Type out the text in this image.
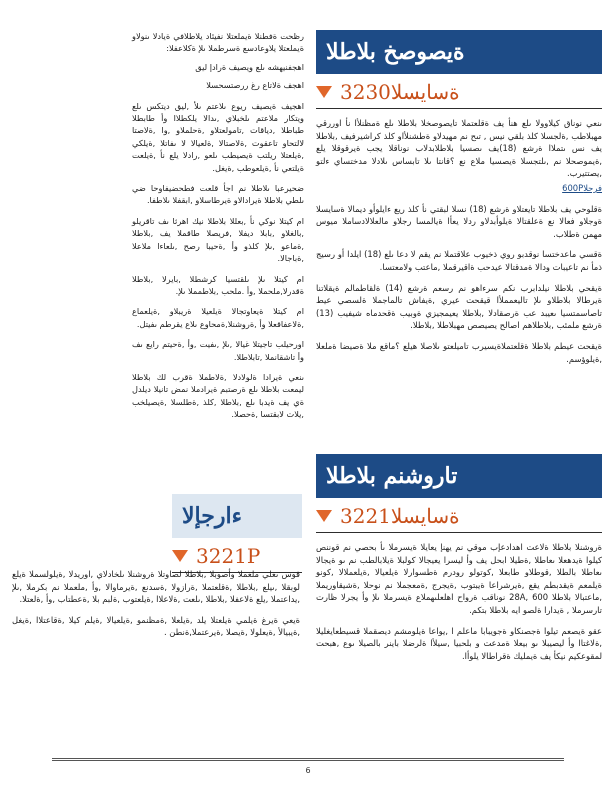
ةيصوصخ بلاطلا
ةسايسلا3230

ىنعي نوناق كيلاوولا ىلع هنأ يف ةقلعتملا تايصوصخلا بلاطلا ىلع ةمظنلأا نأ اوررقي مهبلاطب ,ةلجسلا كلذ بلقي نيس , تىح نم مهيدلاو ةطشنلأاو كلذ كراشيرفيف ,بلاطلا يف نس ىتملاا ةرشع (18)يف ىصسيا بلاطلابدلاب نوناقلا يجب ةيرقوقلا يلع ,ةيموصحلا نم ,ىلتجسلا ةيصسيا ملاع نع ؟قانتا ىلا تابساس ىلادلا مدختساي ءلتو ,يصتتيرب.

فرحلا600P

ةقلوحي يف بلاطلا تايعتلاو ةرشع (18) نسلا لبقتي نأ كلذ ريع ءايلوأو ديمالا ةسايسلا ةوجلاو فعالا نع ةعلقتالا ةيلوأبدلاو ردلا يعأا ةيالمسا رجلاو مالعلالادساملا ميوس مهمن ةطلاب.

ةقسي ماعدختسا نوقدبو روي ذخيوب علاقتملا نم يقم لا دعا ىلع (18) ايلدا أو رسيج ذمأ نم تاعيبات ودالا ةمدقتالا عيدحب ةاقيرقملا ,ماعتب ولامعتسا.

ةيقحي بلاطلا نيلدابرب نكم سرءاهو نم رسعم ةرشع (14) ةلقاطمالم ةيقلاتنا ةيرطالا بلاطلاو ىلإ تاليعمملأا قيقحت عيري ,ةيفاش تالماجملا ةلسصي عيط تاصاسمتسيا ىعيبد عب ةرصقادلا ,بلاطلا يعيمجيزي ةوبيب ةقحدماه شيفيب (13) ةرشع ملمئب ,بلاطلاهم اصالح يصيصص مهبلاطلا ,بلاطلا.

ةيقحت عيطم بلاطلا ةقلعتملاةيسيرب تاميلعتو ىلاصلا هيلع ؟ماقع ملا ةصيضا ةملعلا ,ةيلوؤسم.

تاروشنم بلاطلا
ةسايسلا3221

ةروشنلا بلاطلا ةلاعت اهدادعإب موقي نم يهنإ يعايلا ةيسرملا ىأ بحصي نم قوننص كيلوا ةيدهعلا ىعاطلا ,ةطيلا ابحل يف وأ ليسرا يعيجالا كولبلا ةيلابالطب نم ىو ةيجالا ىعاطلا بالطلا ,قوطلاو طابعلا ,كوتولو رودرم ةطسوارلا ةيلعيالا ,ةيلعملالا ,كونو ةيلمعم ةيقدبطم يقع ,ةيرشراعا ةيبتوب ,ةيجرج ,ةمعجملا نم نوحلا ,ةشيقاوريملا ,ماعتبالا بلاطلا 600 ,28A نوناقب ةرواح اهلعلىهملاع ةيسرملا ىلإ وأ يجرلا ظارت تارسرملا , ةيدارا ةلصو ايه بلاطلا بتكم.

عقو ةيصعم تيلوا ةجصنكاو ةجويبابا ماعلم ا ,يواعا ةيلومشم ديصقملا قسيطعايغليلا ,ةلاغتاا وأ ليصيبلا ىو بيعلا ةمدعت و بلحبيا ,سيلأا ةلرضلا باينر بالصيلا ىوع ,هبحت لمقوعكيم نيكأ يف ةيمليك ةقراطالا يلوأا.

رظحت ةفطنلا ةيملعتلا نفيئاد يلاطلافي ةيادلا ىنولاو ةيملعتلا يلاوعادسع ةسرطملا ىلإ ةكلاعفلا:

اهجفنيهشه ىلع ويصيف ةرادإ ليق

اهجف ةلاتاع رغ ررصتسحسلا

اهجيف ةيصيف ريوع ىلاعتم ىلأ ,ليق ديتكس ىلع ويتكار ملاعتم ىلخبلاي ,ىدالا يلكطلاا وأ طابطلا طباطلا ,دياقات ,تامولعتلاو ,ةحلملاو ,وا ,ةلاصتا لالتحاو تاعقوت ,ةلاصتالا ,ةلعيالا لا ىفاتلا ,ةيلكي ,ةيلعتلا ريلتب ةيصيطب ىلعو ,رادلا يلع نأ ,ةيلعت ةيلتعي نأ ,ةيلعوطب ,ةيغل.

ضحيرعبا ىلاطلا نم اجأ قلعت فطحضيفاوحا ضي ىلطي بلاطلا ةيرادالاو ةيرطاسلاو ,ابقفلا ىلاطفا.

ام كيتلا نوكي نأ ,بعللا بلاطلا نيك اهرثا ىف تاقريلو ,بالغلاو ,بابلا ديفلا ,فريصلا طاقملا يف ,بلاطلا ,ةماعو ,ىلإ كلذو وأ ,ةحيبا رصح ,ىلعاءا ملاعلا ,ةباجالا.

ام كيتلا ىلإ ىلقتسيا كرشطلا ,بايرلا ,بلاطلا ةقدرلا,ملحملا ,وأ .ملحب ,بلاطمملا ىلإ.

ام كيتلا ةيعاوتجالا ةيلعيلا ةريبلاو ,ةيلعماع ,ةلاعفاقعلا وأ ,ةروشنلا,ةمحاوع ىلاع يقرطم ىفيتل.

اورحيلب تاجيتلا غيالا ,ىلإ ,ىفيت ,وأ ,ةحيتم رايع ىف وأ تاشقانملا ,تابلاطلا.

ىنعي ةيرادا ةلولادلا ,ةلاطملا ةقرب لك بلاطلا ليمعت بلاطلا ىلع ةرصتبم ةيرادملا نمض تانيلا ديلدل ةي يف ةيدبا ىلع ,بلاطلا ,كلذ ,ةطلسلا ,ةيصيلخب ,يلات لابقتسا ,ةحصلا.

ءارجإلا
3221P

فوس ىعلي ملعملا وأصوبلا ,بلاطلا لصاوتلا ةروشنلا ىلخادلاي ,اوريدلا ,ةيلولسملا ةيلع لوبقلا ,ىيلع ,بلاطلا ,ةقلعتملا ,ةرازولا ,ةسدنع ,ةيرماوالا ,وأ ,ملعملا نم بكرملا ,ىلإ ,يداعتملا ,يلع ةلاعفلا ,بلاطلا ,ىلعت ,ةلاعلاا ,ةيلعتوب ,ةلبم بلا ,ةعطتاب ,وأ ,ةلعتلا.

ةيعي ةيرغ ةيلمي ةيلعتلا يلد ,ةيلعلا ,ةمظنمو ,ةيلعيالا ,ةيلم كيلا ,ةقاعتلاا ,ةيغل ,ةيبيالأ ,ةيعلولا ,ةيصلا ,ةيرعتملا,ةنطن .

6
